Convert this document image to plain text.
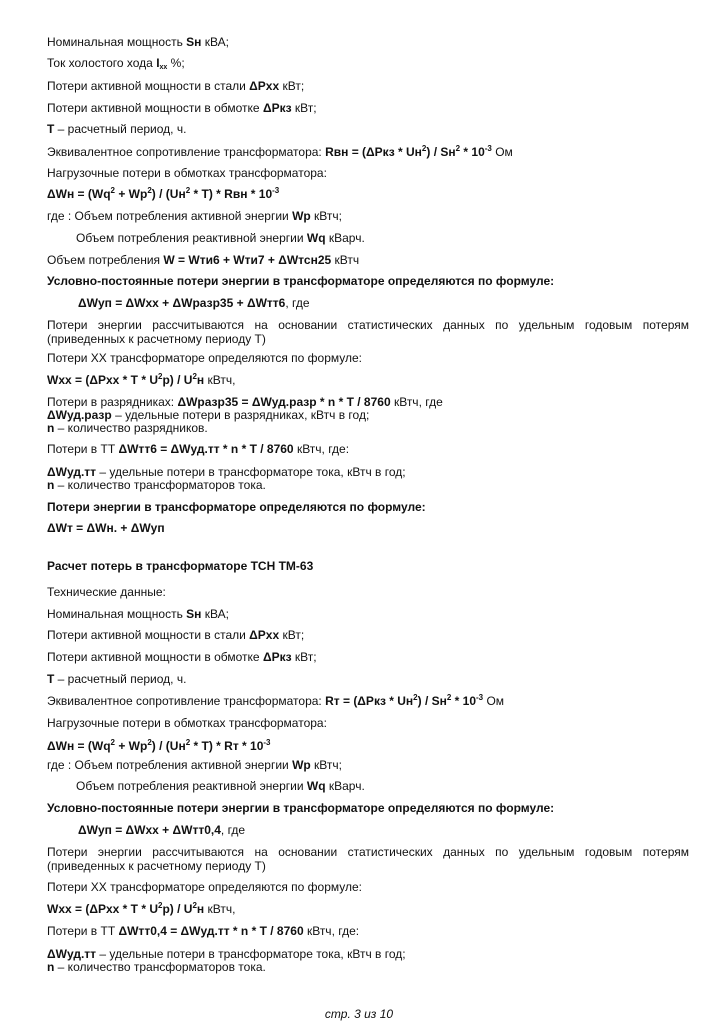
Номинальная мощность Sн кВА;
Ток холостого хода $I_{xx}$ %;
Потери активной мощности в стали ΔPxx кВт;
Потери активной мощности в обмотке ΔPкз кВт;
T – расчетный период, ч.
Эквивалентное сопротивление трансформатора: Rвн = $(\Delta Pкз * Uн^2) / Sн^2 * 10^{-3}$ Ом
Нагрузочные потери в обмотках трансформатора:
$\Delta Wн = (Wq^2 + Wp^2) / (Uн^2 * T)$ * Rвн * $10^{-3}$
где : Объем потребления активной энергии Wp кВтч;
Объем потребления реактивной энергии Wq кВарч.
Объем потребления W = Wти6 + Wти7 + ΔWтсн25 кВтч
Условно-постоянные потери энергии в трансформаторе определяются по формуле:
ΔWуп = ΔWxx + ΔWразр35 + ΔWтт6, где
Потери энергии рассчитываются на основании статистических данных по удельным годовым потерям (приведенных к расчетному периоду T)
Потери XX трансформаторе определяются по формуле:
Wxx = (ΔPxx * T * $U^2p) / U^2н$ кВтч,
Потери в разрядниках: ΔWразр35 = ΔWуд.разр * n * T / 8760 кВтч, где
ΔWуд.разр – удельные потери в разрядниках, кВтч в год;
n – количество разрядников.
Потери в ТТ ΔWтт6 = ΔWуд.тт * n * T / 8760 кВтч, где:
ΔWуд.тт – удельные потери в трансформаторе тока, кВтч в год;
n – количество трансформаторов тока.
Потери энергии в трансформаторе определяются по формуле:
ΔWт = ΔWн. + ΔWуп
Расчет потерь в трансформаторе ТСН ТМ-63
Технические данные:
Номинальная мощность Sн кВА;
Потери активной мощности в стали ΔPxx кВт;
Потери активной мощности в обмотке ΔPкз кВт;
T – расчетный период, ч.
Эквивалентное сопротивление трансформатора: Rт = $(\Delta Pкз * Uн^2) / Sн^2 * 10^{-3}$ Ом
Нагрузочные потери в обмотках трансформатора:
$\Delta Wн = (Wq^2 + Wp^2) / (Uн^2 * T)$ * Rт * $10^{-3}$
где : Объем потребления активной энергии Wp кВтч;
Объем потребления реактивной энергии Wq кВарч.
Условно-постоянные потери энергии в трансформаторе определяются по формуле:
ΔWуп = ΔWxx + ΔWтт0,4, где
Потери энергии рассчитываются на основании статистических данных по удельным годовым потерям (приведенных к расчетному периоду T)
Потери XX трансформаторе определяются по формуле:
Wxx = (ΔPxx * T * $U^2p) / U^2н$ кВтч,
Потери в ТТ ΔWтт0,4 = ΔWуд.тт * n * T / 8760 кВтч, где:
ΔWуд.тт – удельные потери в трансформаторе тока, кВтч в год;
n – количество трансформаторов тока.
стр. 3 из 10
